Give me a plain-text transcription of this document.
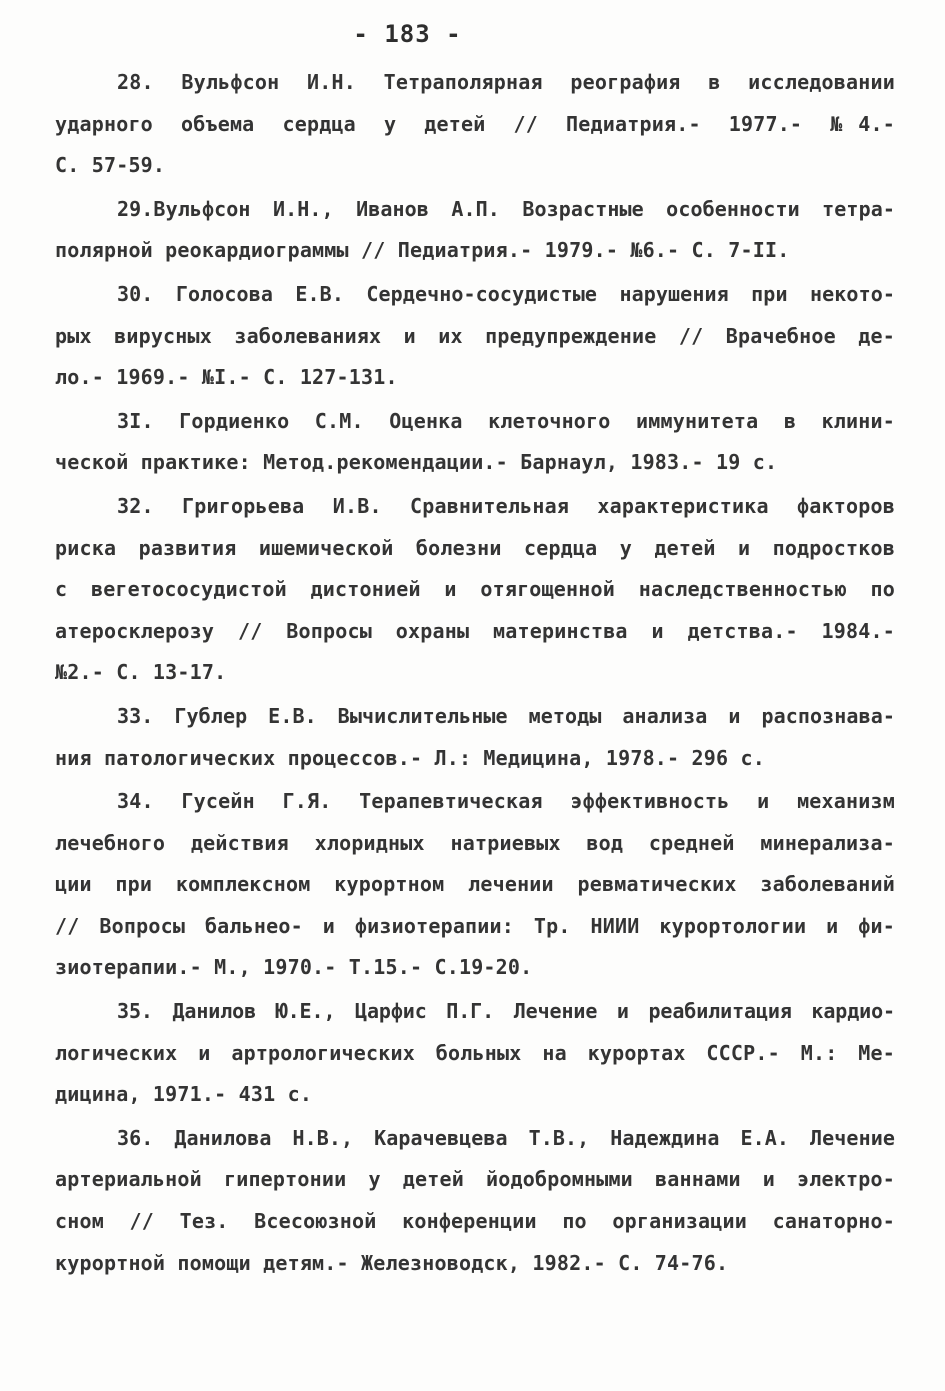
- 183 -
28. Вульфсон И.Н. Тетраполярная реография в исследовании
ударного объема сердца у детей // Педиатрия.- 1977.- №4.-
С. 57-59.
29.Вульфсон И.Н., Иванов А.П. Возрастные особенности тетра-
полярной реокардиограммы // Педиатрия.- 1979.- №6.- С. 7-II.
30. Голосова Е.В. Сердечно-сосудистые нарушения при некото-
рых вирусных заболеваниях и их предупреждение // Врачебное де-
ло.- 1969.- №I.- С. 127-131.
3I. Гордиенко С.М. Оценка клеточного иммунитета в клини-
ческой практике: Метод.рекомендации.- Барнаул, 1983.- 19 с.
32. Григорьева И.В. Сравнительная характеристика факторов
риска развития ишемической болезни сердца у детей и подростков
с вегетососудистой дистонией и отягощенной наследственностью по
атеросклерозу // Вопросы охраны материнства и детства.- 1984.-
№2.- С. 13-17.
33. Гублер Е.В. Вычислительные методы анализа и распознава-
ния патологических процессов.- Л.: Медицина, 1978.- 296 с.
34. Гусейн Г.Я. Терапевтическая эффективность и механизм
лечебного действия хлоридных натриевых вод средней минерализа-
ции при комплексном курортном лечении ревматических заболеваний
// Вопросы бальнео- и физиотерапии: Тр. НИИИ курортологии и фи-
зиотерапии.- М., 1970.- Т.15.- С.19-20.
35. Данилов Ю.Е., Царфис П.Г. Лечение и реабилитация кардио-
логических и артрологических больных на курортах СССР.- М.: Ме-
дицина, 1971.- 431 с.
36. Данилова Н.В., Карачевцева Т.В., Надеждина Е.А. Лечение
артериальной гипертонии у детей йодобромными ваннами и электро-
сном // Тез. Всесоюзной конференции по организации санаторно-
курортной помощи детям.- Железноводск, 1982.- С. 74-76.
